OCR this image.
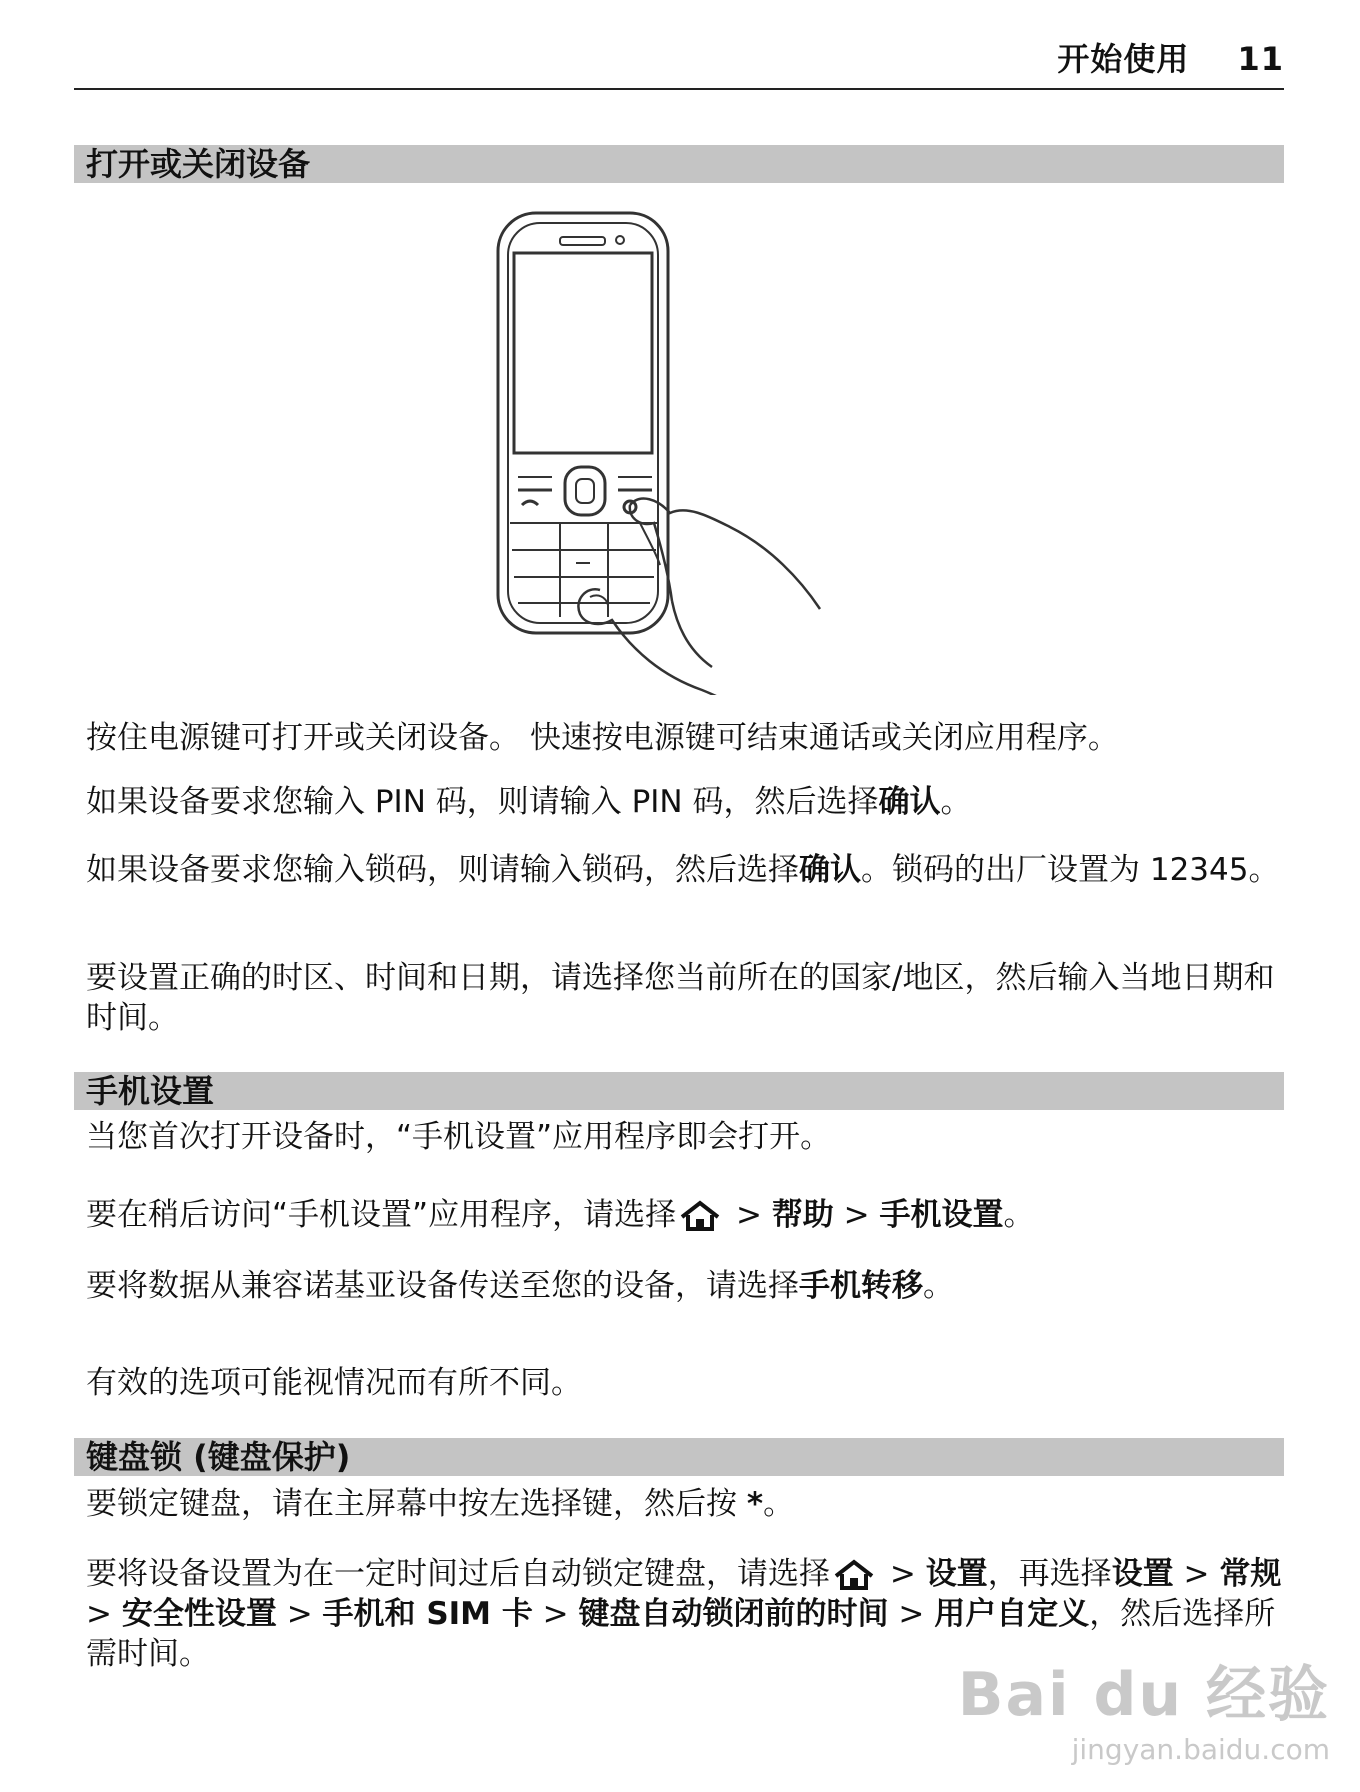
开始使用 11
打开或关闭设备

按住电源键可打开或关闭设备。 快速按电源键可结束通话或关闭应用程序。

如果设备要求您输入 PIN 码，则请输入 PIN 码，然后选择确认。

如果设备要求您输入锁码，则请输入锁码，然后选择确认。锁码的出厂设置为 12345。

要设置正确的时区、时间和日期，请选择您当前所在的国家/地区，然后输入当地日期和时间。

手机设置

当您首次打开设备时，“手机设置”应用程序即会打开。

要在稍后访问“手机设置”应用程序，请选择 > 帮助 > 手机设置。

要将数据从兼容诺基亚设备传送至您的设备，请选择手机转移。

有效的选项可能视情况而有所不同。

键盘锁 (键盘保护)

要锁定键盘，请在主屏幕中按左选择键，然后按 *。

要将设备设置为在一定时间过后自动锁定键盘，请选择 > 设置，再选择设置 > 常规 > 安全性设置 > 手机和 SIM 卡 > 键盘自动锁闭前的时间 > 用户自定义，然后选择所需时间。

Bai du 经验
jingyan.baidu.com
